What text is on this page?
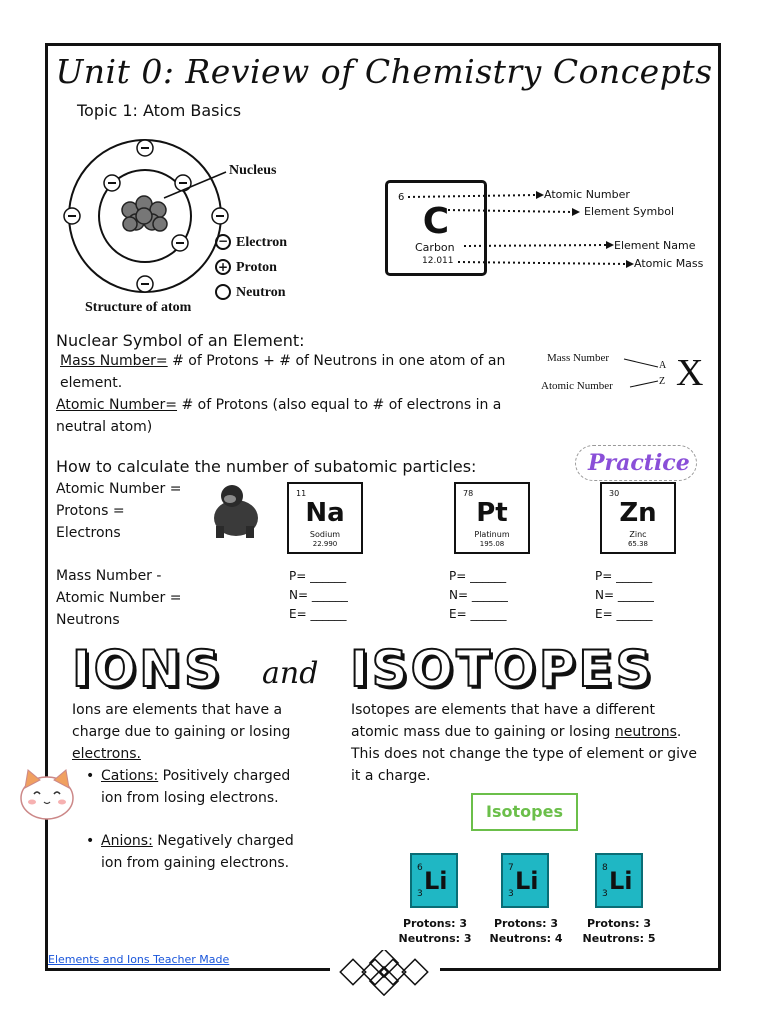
Unit 0: Review of Chemistry Concepts
Topic 1: Atom Basics
Nucleus
− Electron
+ Proton
Neutron
Structure of atom
6
C
Carbon
12.011
Atomic Number
Element Symbol
Element Name
Atomic Mass
Nuclear Symbol of an Element:
Mass Number= # of Protons + # of Neutrons in one atom of an element.
Atomic Number= # of Protons (also equal to # of electrons in a neutral atom)
Mass Number
Atomic Number
A
Z X
How to calculate the number of subatomic particles:	Practice
Atomic Number =
Protons =
Electrons
Mass Number -
Atomic Number =
Neutrons
11
Na
Sodium
22.990
78
Pt
Platinum
195.08
30
Zn
Zinc
65.38
P= ______
N= ______
E= ______
P= ______
N= ______
E= ______
P= ______
N= ______
E= ______
IONS and ISOTOPES
Ions are elements that have a charge due to gaining or losing electrons.
• Cations: Positively charged ion from losing electrons.
• Anions: Negatively charged ion from gaining electrons.
Isotopes are elements that have a different atomic mass due to gaining or losing neutrons. This does not change the type of element or give it a charge.
Isotopes
6
3 Li	7
3 Li	8
3 Li
Protons: 3
Neutrons: 3
Protons: 3
Neutrons: 4
Protons: 3
Neutrons: 5
Elements and Ions Teacher Made
